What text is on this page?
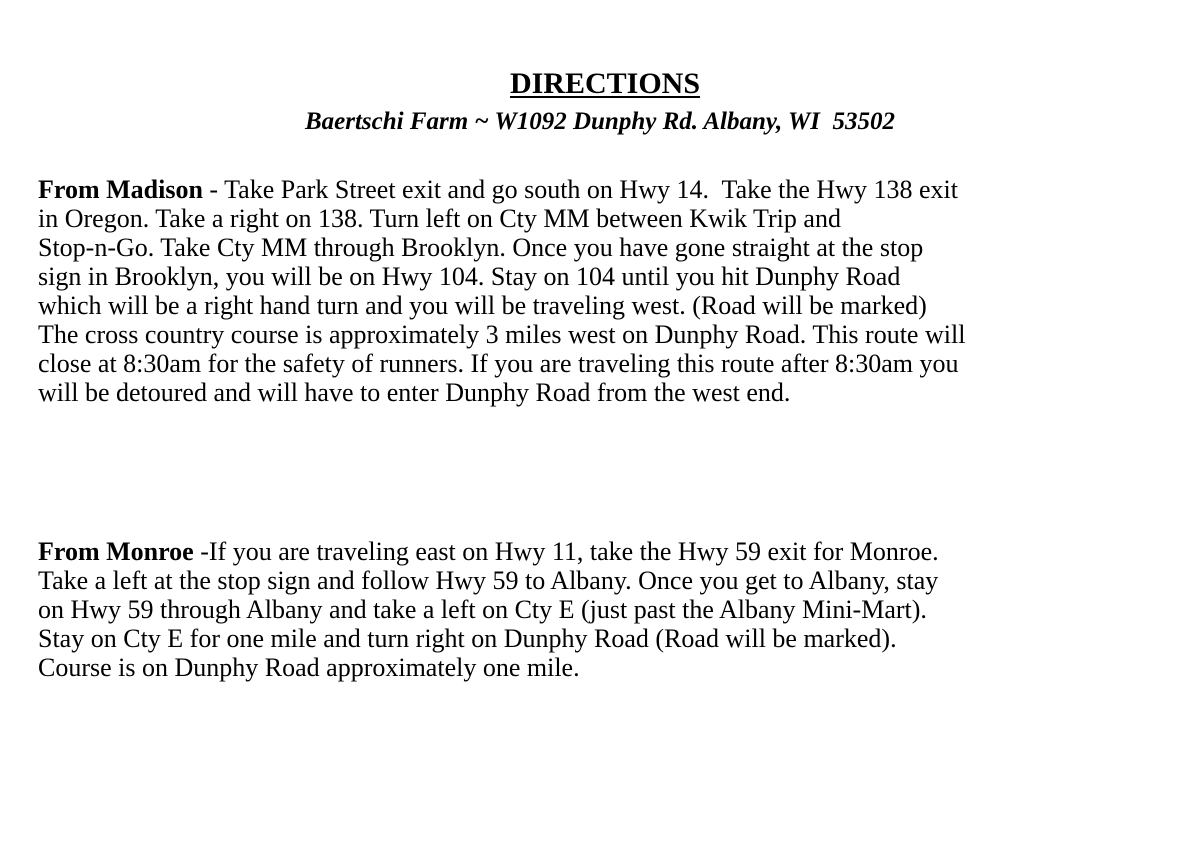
DIRECTIONS

Baertschi Farm ~ W1092 Dunphy Rd. Albany, WI  53502

From Madison - Take Park Street exit and go south on Hwy 14.  Take the Hwy 138 exit
in Oregon. Take a right on 138. Turn left on Cty MM between Kwik Trip and
Stop-n-Go. Take Cty MM through Brooklyn. Once you have gone straight at the stop
sign in Brooklyn, you will be on Hwy 104. Stay on 104 until you hit Dunphy Road
which will be a right hand turn and you will be traveling west. (Road will be marked)
The cross country course is approximately 3 miles west on Dunphy Road. This route will
close at 8:30am for the safety of runners. If you are traveling this route after 8:30am you
will be detoured and will have to enter Dunphy Road from the west end.
From Monroe -If you are traveling east on Hwy 11, take the Hwy 59 exit for Monroe.
Take a left at the stop sign and follow Hwy 59 to Albany. Once you get to Albany, stay
on Hwy 59 through Albany and take a left on Cty E (just past the Albany Mini-Mart).
Stay on Cty E for one mile and turn right on Dunphy Road (Road will be marked).
Course is on Dunphy Road approximately one mile.
